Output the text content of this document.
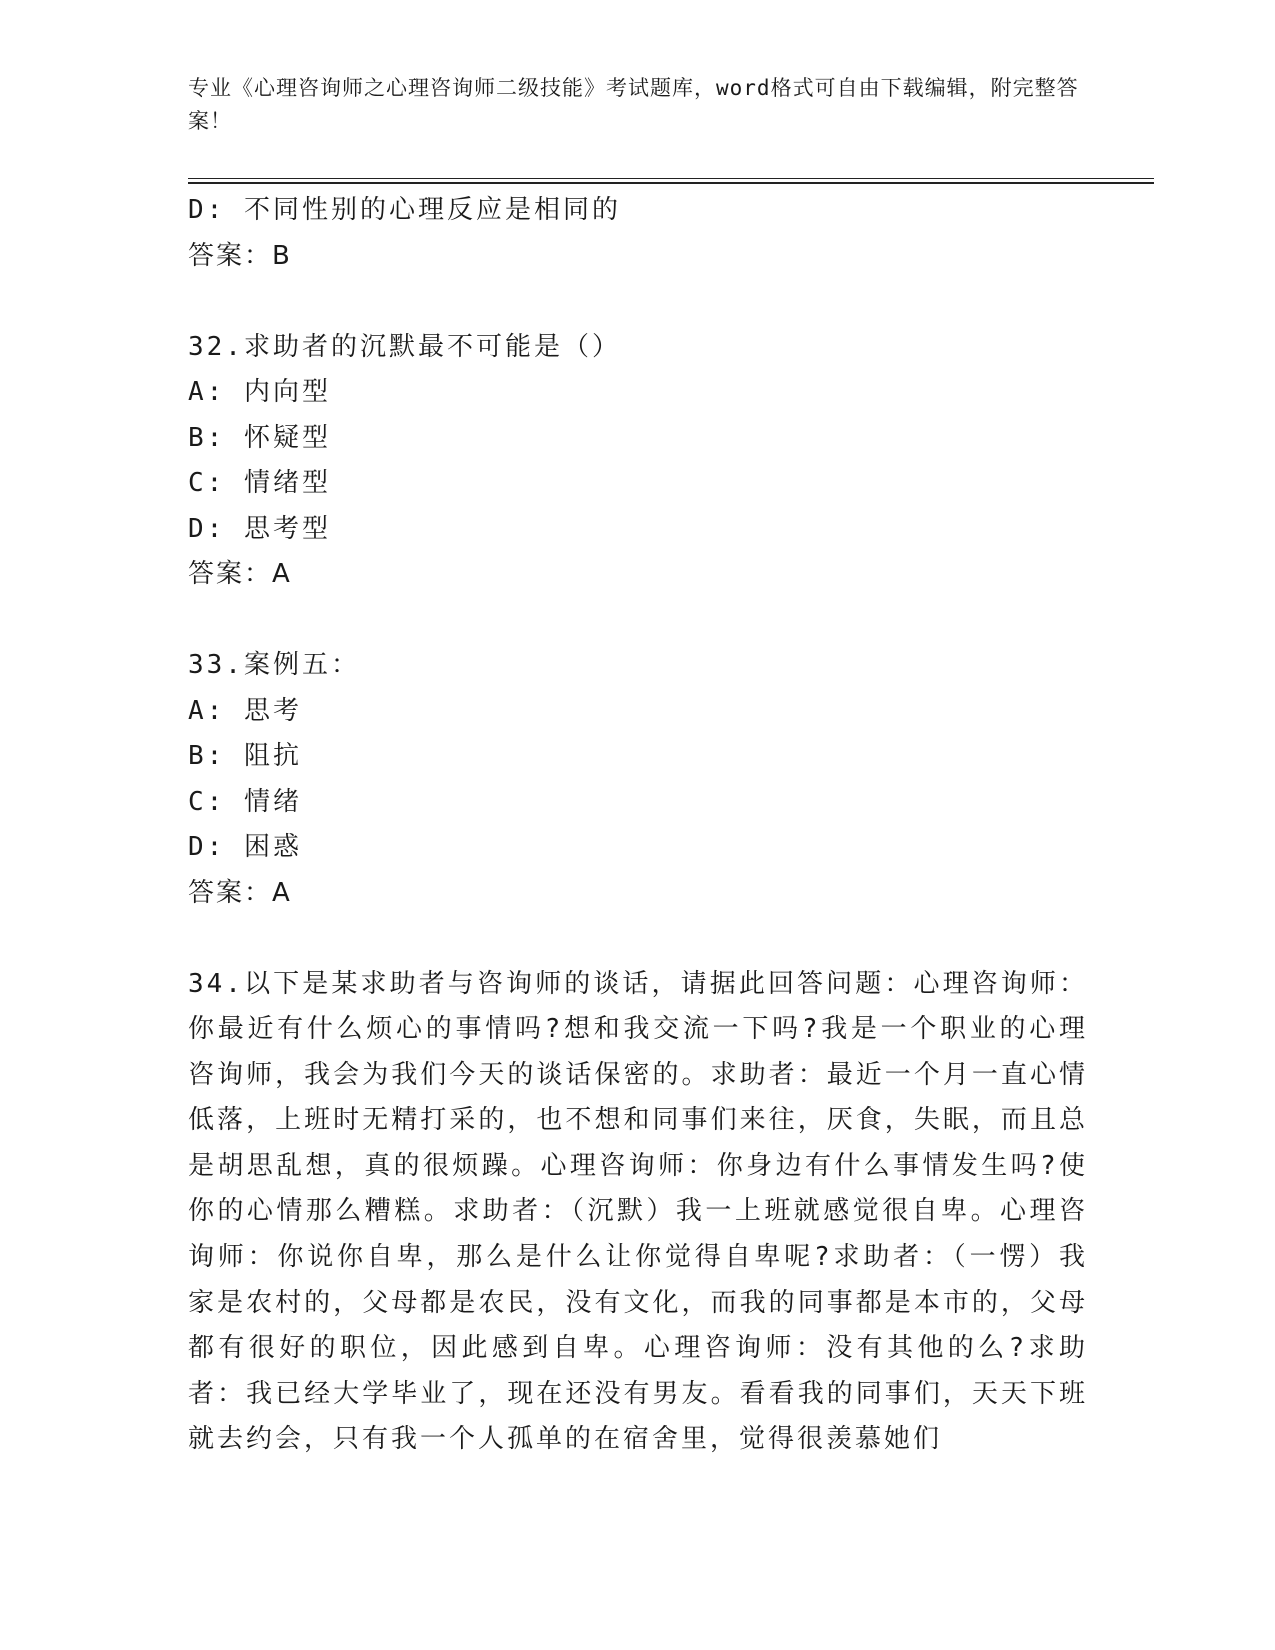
专业《心理咨询师之心理咨询师二级技能》考试题库，word格式可自由下载编辑，附完整答案！
D: 不同性别的心理反应是相同的
答案：B
32.求助者的沉默最不可能是（）
A: 内向型
B: 怀疑型
C: 情绪型
D: 思考型
答案：A
33.案例五：
A: 思考
B: 阻抗
C: 情绪
D: 困惑
答案：A
34.以下是某求助者与咨询师的谈话，请据此回答问题：心理咨询师：你最近有什么烦心的事情吗?想和我交流一下吗?我是一个职业的心理咨询师，我会为我们今天的谈话保密的。求助者：最近一个月一直心情低落，上班时无精打采的，也不想和同事们来往，厌食，失眠，而且总是胡思乱想，真的很烦躁。心理咨询师：你身边有什么事情发生吗?使你的心情那么糟糕。求助者：（沉默）我一上班就感觉很自卑。心理咨询师：你说你自卑，那么是什么让你觉得自卑呢?求助者：（一愣）我家是农村的，父母都是农民，没有文化，而我的同事都是本市的，父母都有很好的职位，因此感到自卑。心理咨询师：没有其他的么?求助者：我已经大学毕业了，现在还没有男友。看看我的同事们，天天下班就去约会，只有我一个人孤单的在宿舍里，觉得很羡慕她们
